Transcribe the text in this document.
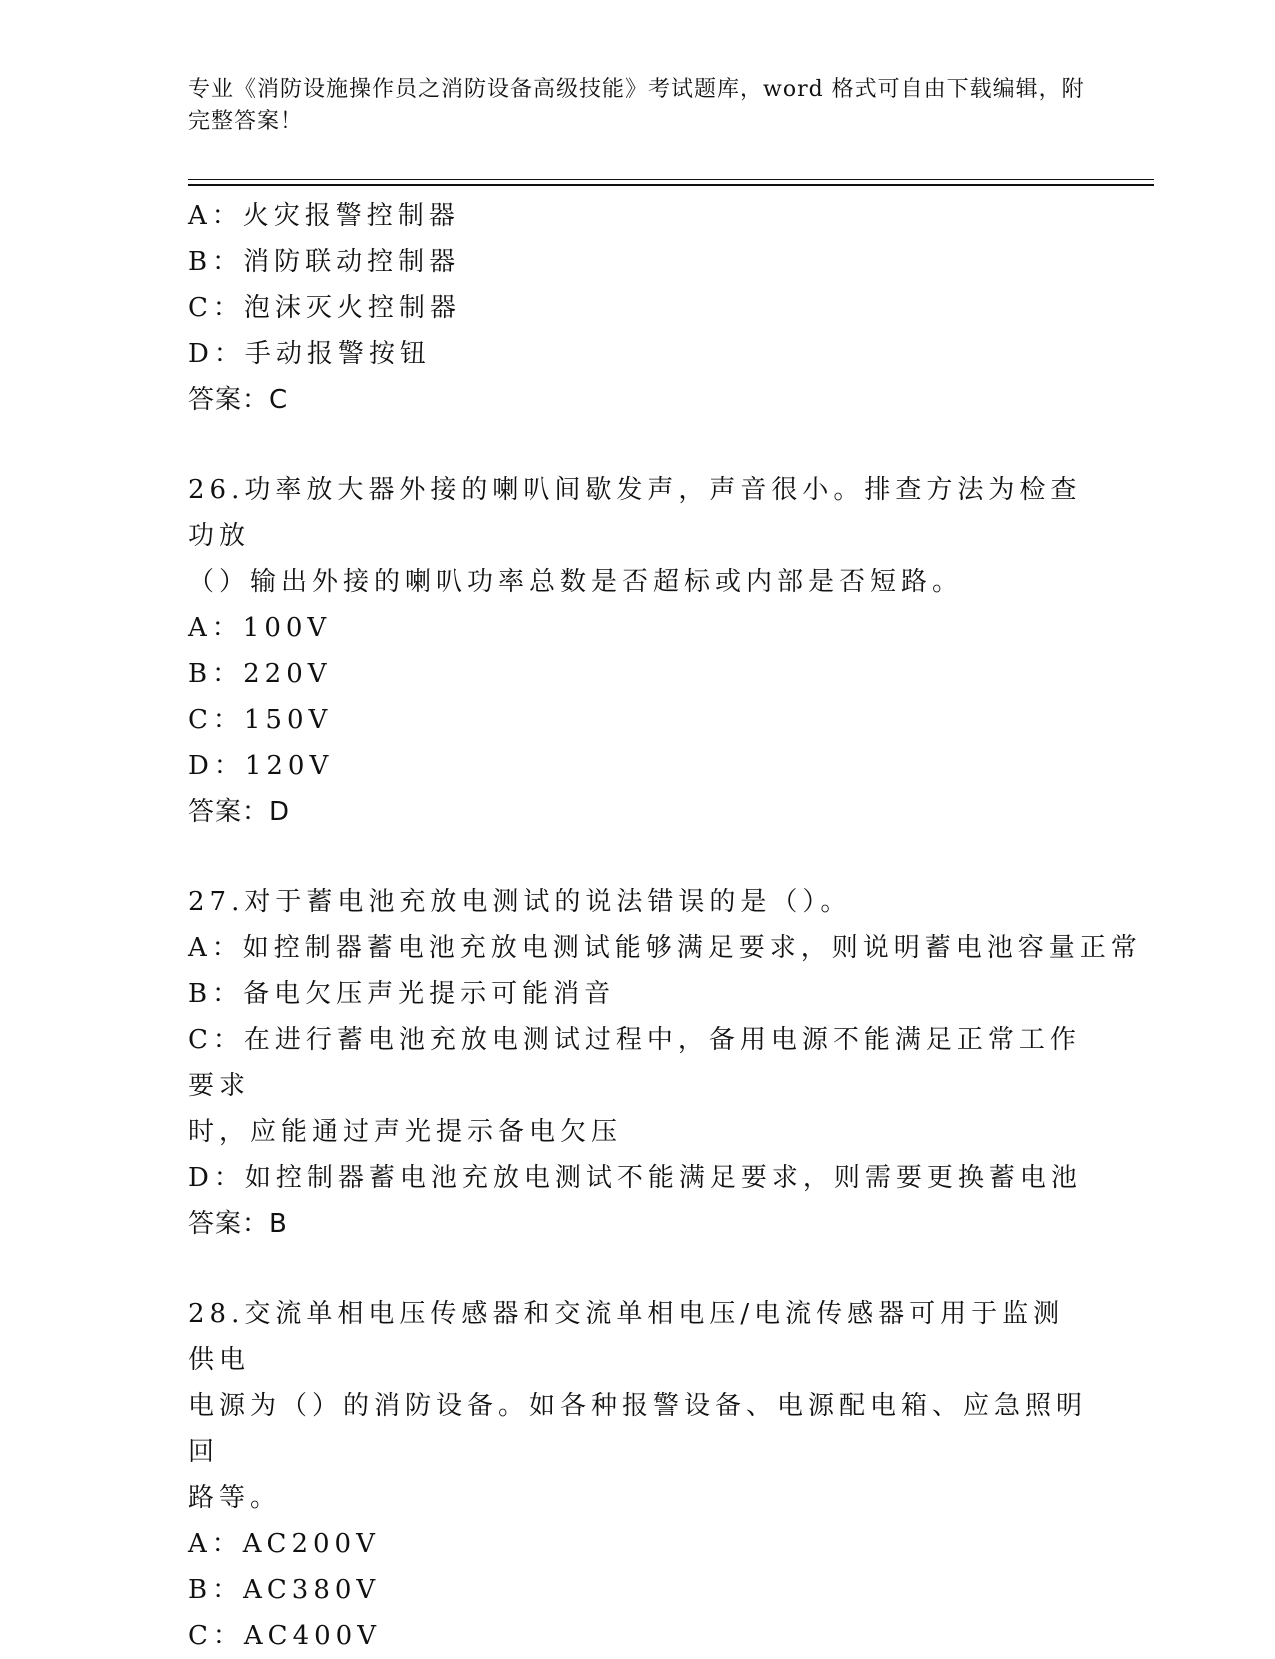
专业《消防设施操作员之消防设备高级技能》考试题库，word 格式可自由下载编辑，附完整答案！
A：火灾报警控制器
B：消防联动控制器
C：泡沫灭火控制器
D：手动报警按钮
答案：C
26.功率放大器外接的喇叭间歇发声，声音很小。排查方法为检查功放
（）输出外接的喇叭功率总数是否超标或内部是否短路。
A：100V
B：220V
C：150V
D：120V
答案：D
27.对于蓄电池充放电测试的说法错误的是（）。
A：如控制器蓄电池充放电测试能够满足要求，则说明蓄电池容量正常
B：备电欠压声光提示可能消音
C：在进行蓄电池充放电测试过程中，备用电源不能满足正常工作要求
时，应能通过声光提示备电欠压
D：如控制器蓄电池充放电测试不能满足要求，则需要更换蓄电池
答案：B
28.交流单相电压传感器和交流单相电压/电流传感器可用于监测供电
电源为（）的消防设备。如各种报警设备、电源配电箱、应急照明回
路等。
A：AC200V
B：AC380V
C：AC400V
